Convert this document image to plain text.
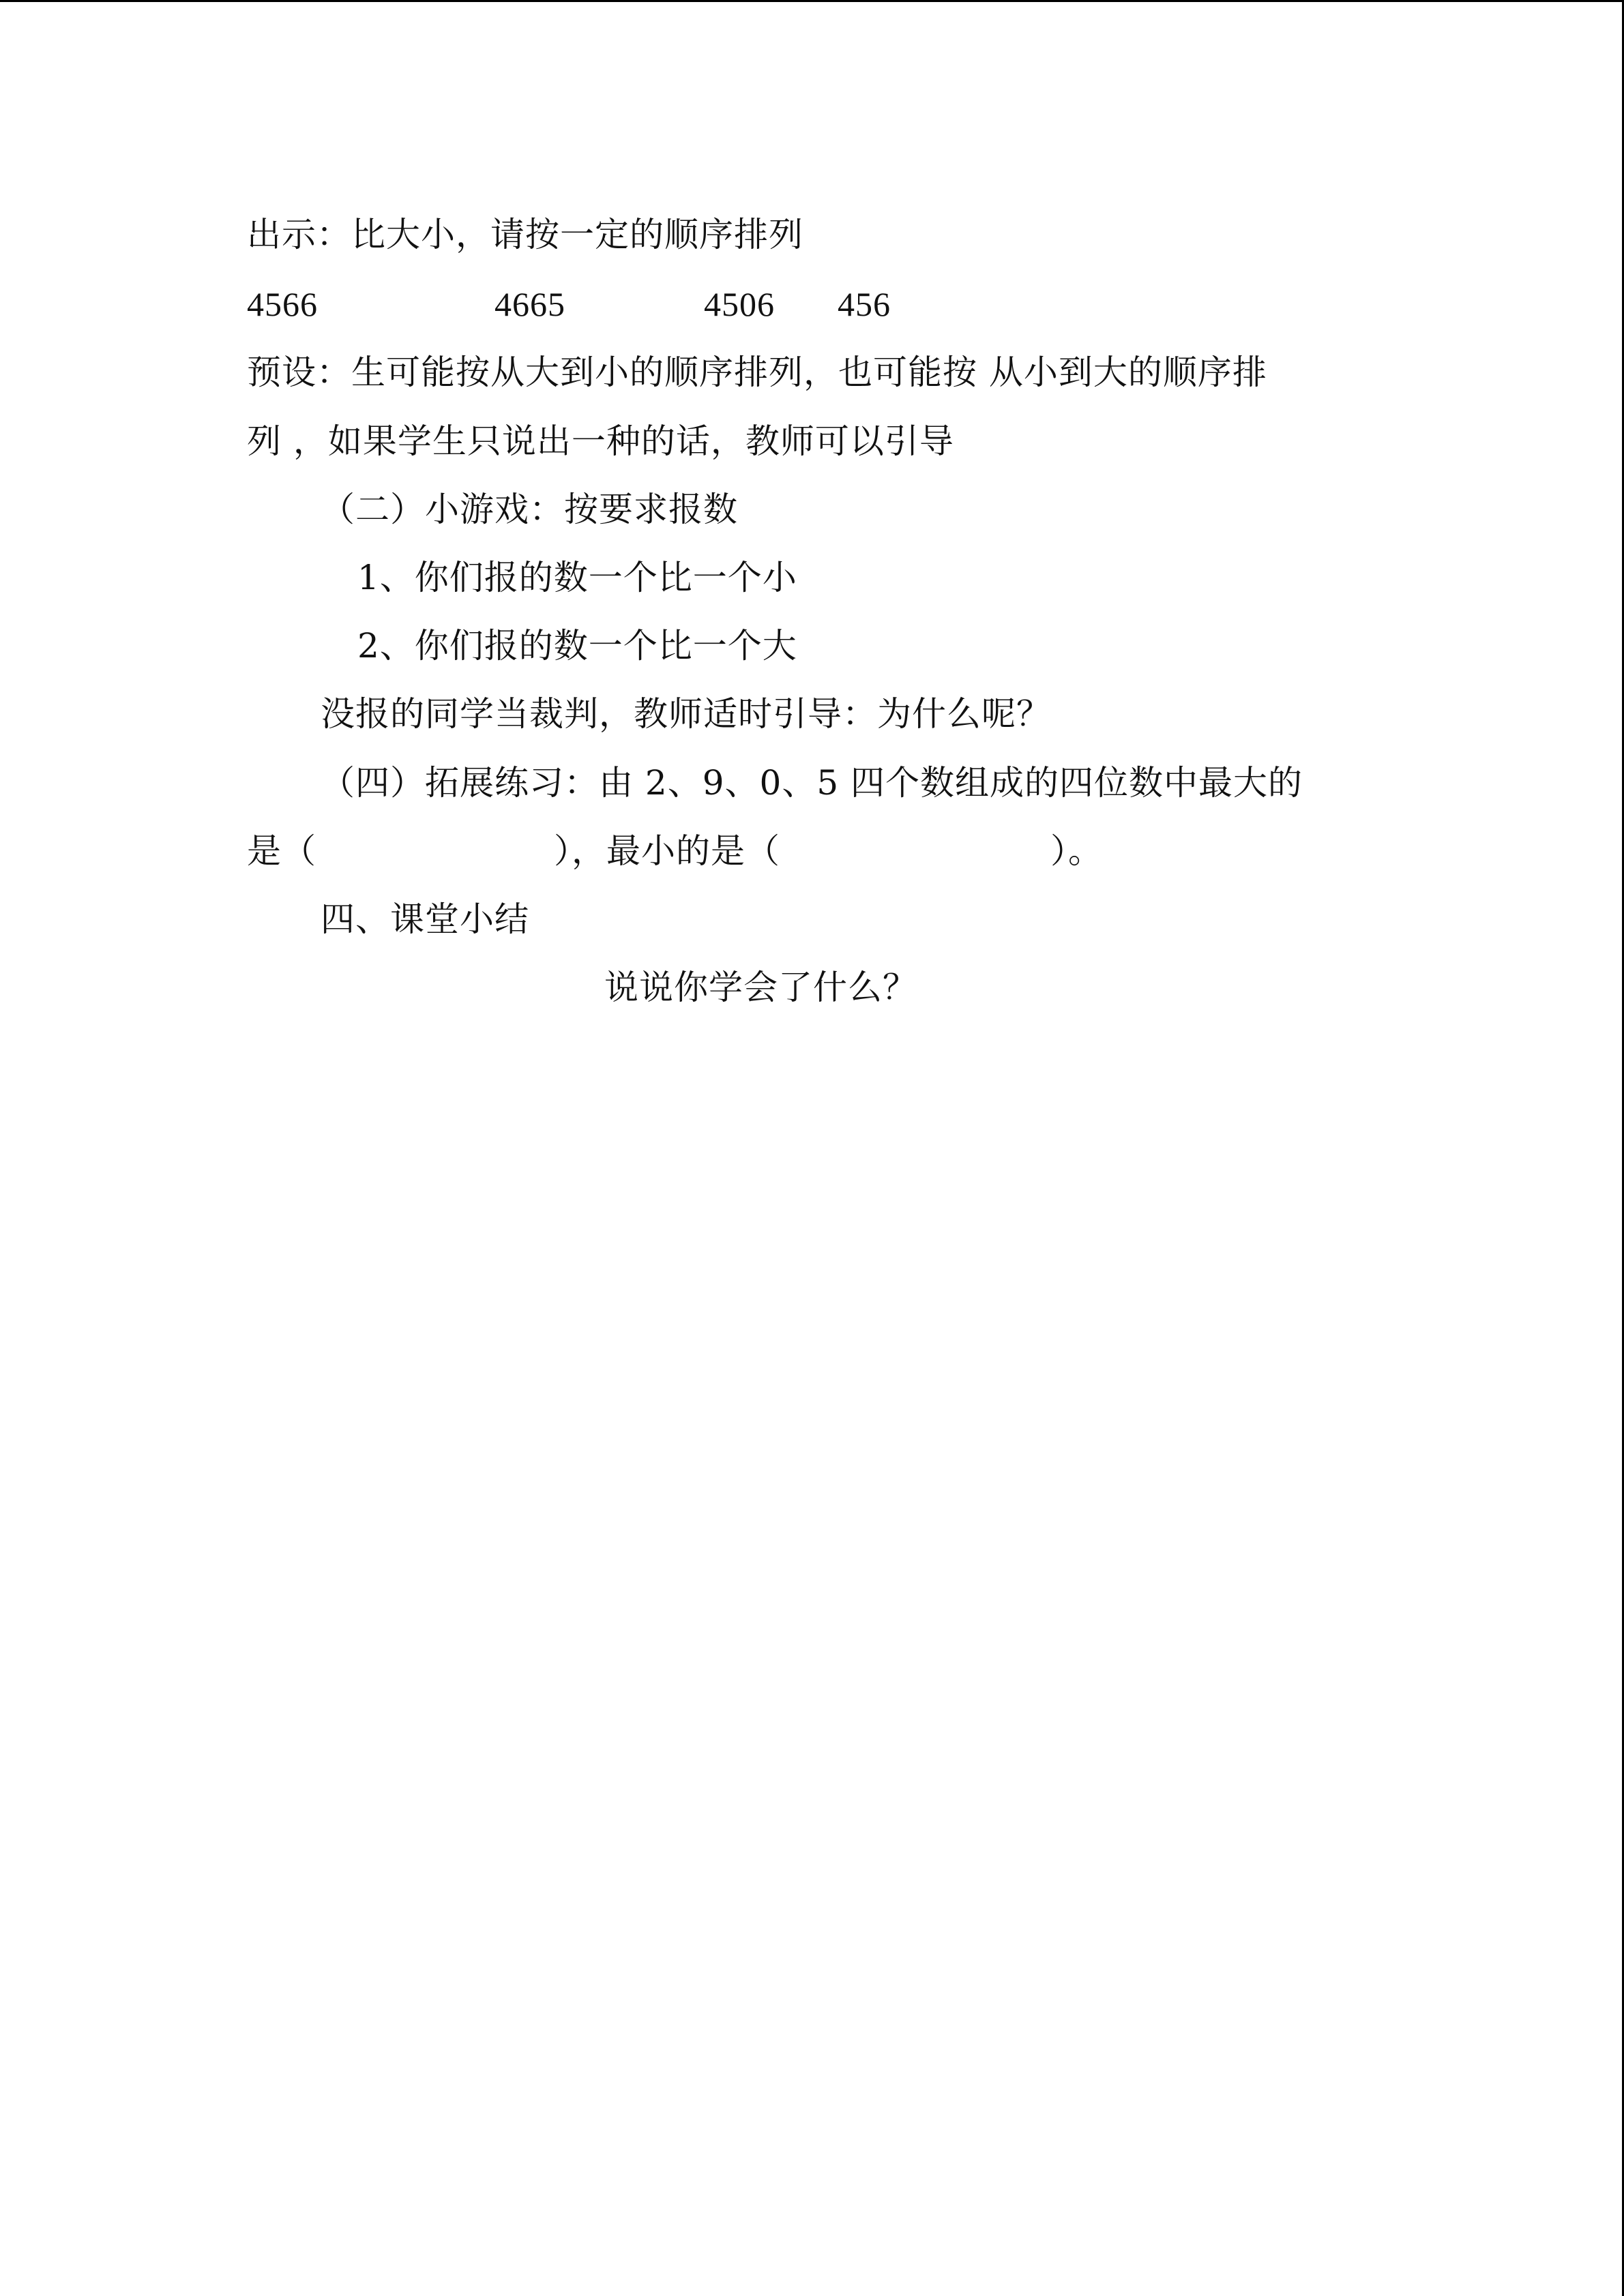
出示：比大小，请按一定的顺序排列
4566	4665	4506 456
预设：生可能按从大到小的顺序排列，也可能按 从小到大的顺序排
列 ，如果学生只说出一种的话，教师可以引导
（二）小游戏：按要求报数
1、你们报的数一个比一个小
2、你们报的数一个比一个大
没报的同学当裁判，教师适时引导：为什么呢？
（四）拓展练习：由 2、9、0、5 四个数组成的四位数中最大的
是（	），最小的是（	）。
四、课堂小结
说说你学会了什么？
